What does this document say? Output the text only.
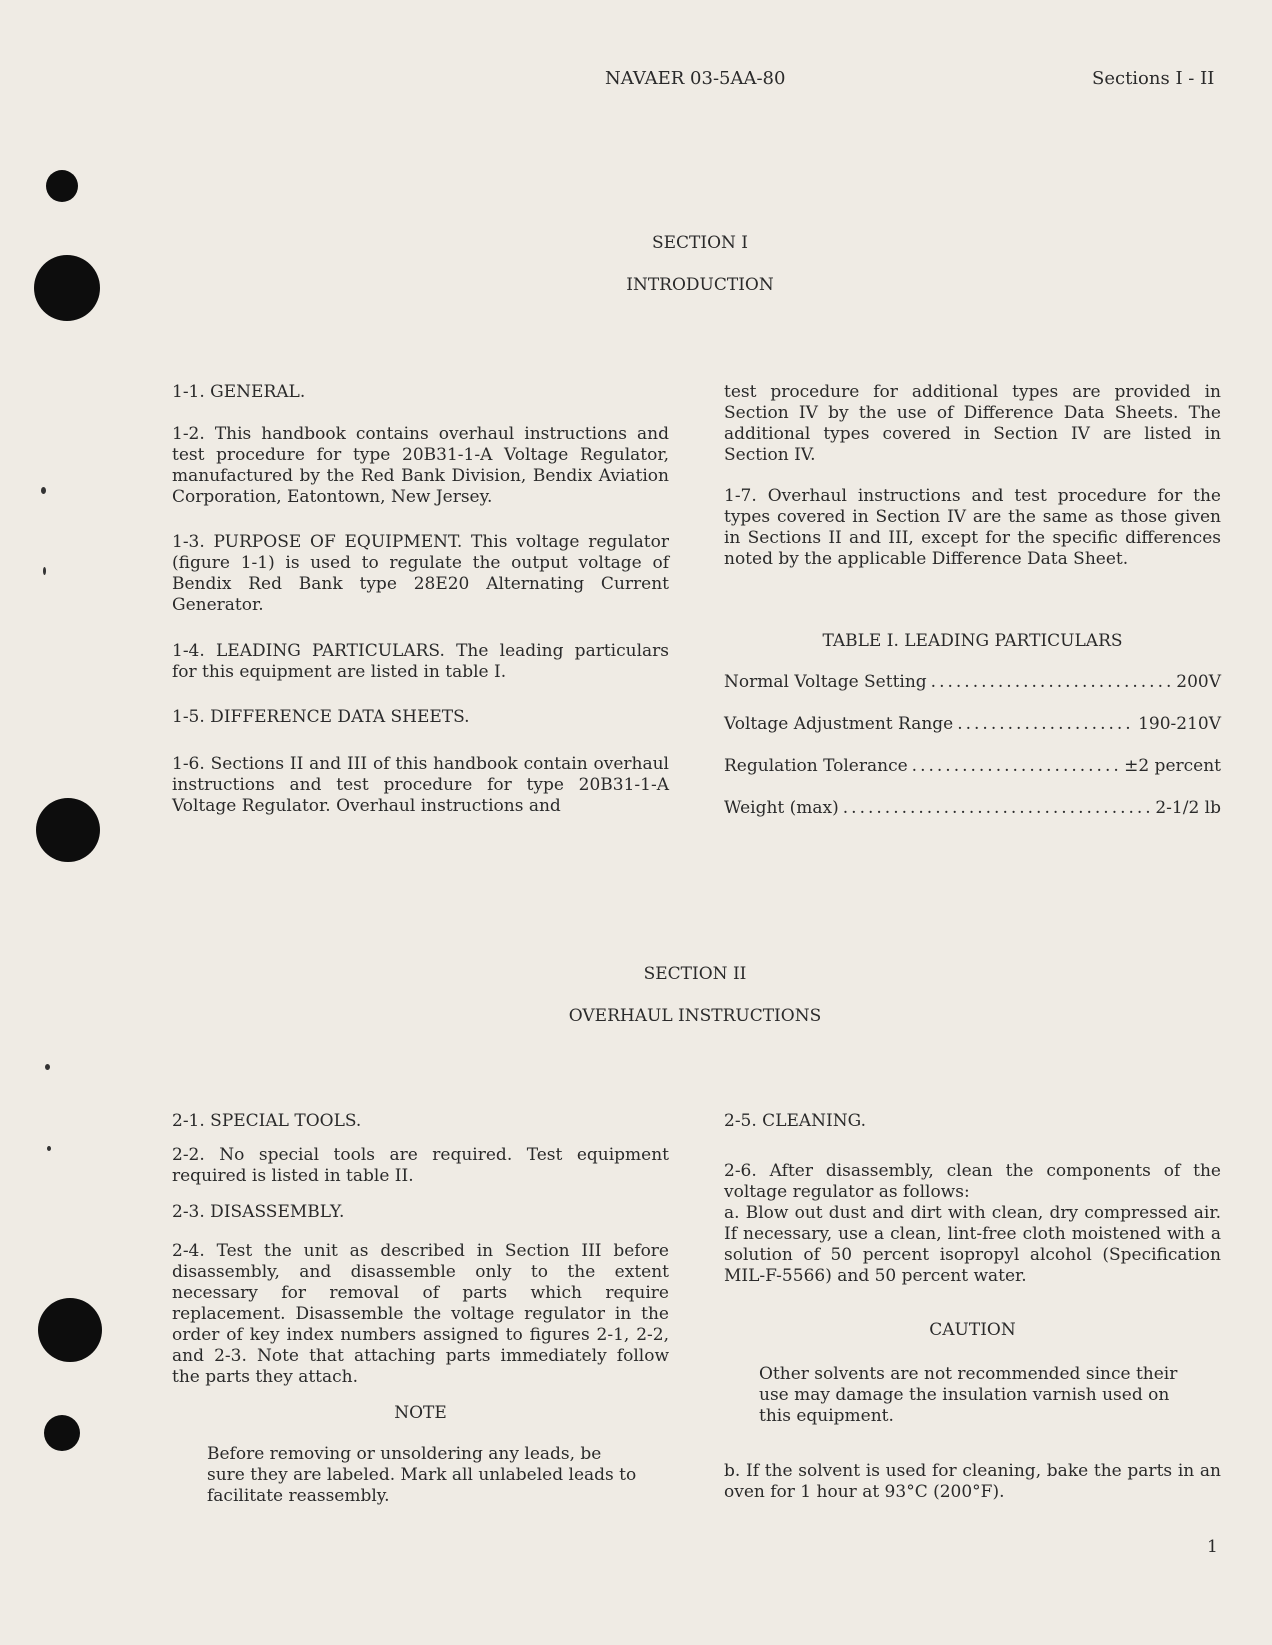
NAVAER 03-5AA-80	Sections I - II
SECTION I
INTRODUCTION
1-1. GENERAL.

1-2. This handbook contains overhaul instructions and test procedure for type 20B31-1-A Voltage Regulator, manufactured by the Red Bank Division, Bendix Aviation Corporation, Eatontown, New Jersey.

1-3. PURPOSE OF EQUIPMENT. This voltage regulator (figure 1-1) is used to regulate the output voltage of Bendix Red Bank type 28E20 Alternating Current Generator.

1-4. LEADING PARTICULARS. The leading particulars for this equipment are listed in table I.

1-5. DIFFERENCE DATA SHEETS.

1-6. Sections II and III of this handbook contain overhaul instructions and test procedure for type 20B31-1-A Voltage Regulator. Overhaul instructions and

test procedure for additional types are provided in Section IV by the use of Difference Data Sheets. The additional types covered in Section IV are listed in Section IV.

1-7. Overhaul instructions and test procedure for the types covered in Section IV are the same as those given in Sections II and III, except for the specific differences noted by the applicable Difference Data Sheet.

TABLE I. LEADING PARTICULARS
Normal Voltage Setting .....	200V
Voltage Adjustment Range .....	190-210V
Regulation Tolerance .....	±2 percent
Weight (max) .....	2-1/2 lb
SECTION II
OVERHAUL INSTRUCTIONS
2-1. SPECIAL TOOLS.

2-2. No special tools are required. Test equipment required is listed in table II.

2-3. DISASSEMBLY.

2-4. Test the unit as described in Section III before disassembly, and disassemble only to the extent necessary for removal of parts which require replacement. Disassemble the voltage regulator in the order of key index numbers assigned to figures 2-1, 2-2, and 2-3. Note that attaching parts immediately follow the parts they attach.

NOTE

Before removing or unsoldering any leads, be sure they are labeled. Mark all unlabeled leads to facilitate reassembly.

2-5. CLEANING.

2-6. After disassembly, clean the components of the voltage regulator as follows:

a. Blow out dust and dirt with clean, dry compressed air. If necessary, use a clean, lint-free cloth moistened with a solution of 50 percent isopropyl alcohol (Specification MIL-F-5566) and 50 percent water.

CAUTION

Other solvents are not recommended since their use may damage the insulation varnish used on this equipment.

b. If the solvent is used for cleaning, bake the parts in an oven for 1 hour at 93°C (200°F).

1
